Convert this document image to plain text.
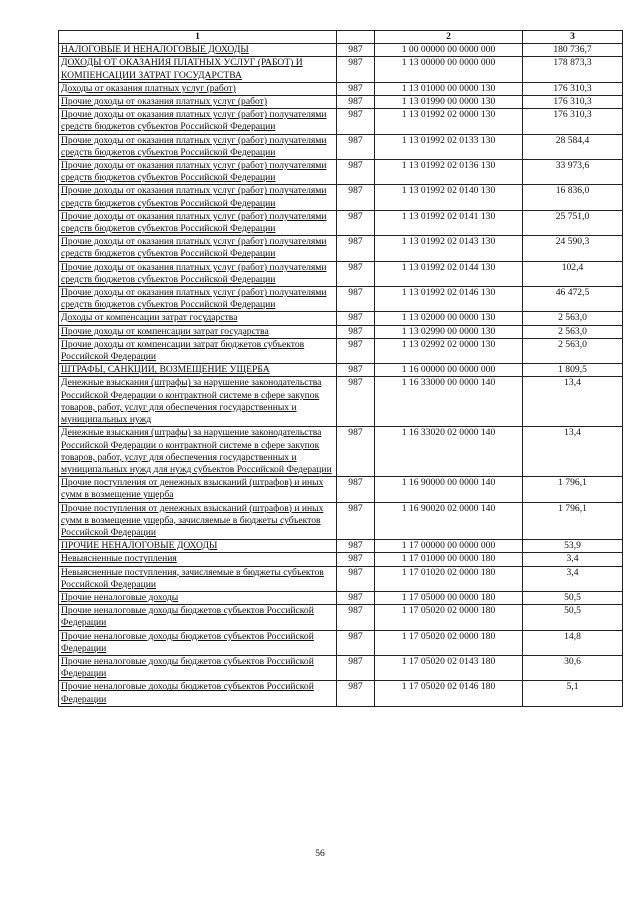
1		2	3
НАЛОГОВЫЕ И НЕНАЛОГОВЫЕ ДОХОДЫ	987	1 00 00000 00 0000 000	180 736,7
ДОХОДЫ ОТ ОКАЗАНИЯ ПЛАТНЫХ УСЛУГ (РАБОТ) И КОМПЕНСАЦИИ ЗАТРАТ ГОСУДАРСТВА	987	1 13 00000 00 0000 000	178 873,3
Доходы от оказания платных услуг (работ)	987	1 13 01000 00 0000 130	176 310,3
Прочие доходы от оказания платных услуг (работ)	987	1 13 01990 00 0000 130	176 310,3
Прочие доходы от оказания платных услуг (работ) получателями средств бюджетов субъектов Российской Федерации	987	1 13 01992 02 0000 130	176 310,3
Прочие доходы от оказания платных услуг (работ) получателями средств бюджетов субъектов Российской Федерации	987	1 13 01992 02 0133 130	28 584,4
Прочие доходы от оказания платных услуг (работ) получателями средств бюджетов субъектов Российской Федерации	987	1 13 01992 02 0136 130	33 973,6
Прочие доходы от оказания платных услуг (работ) получателями средств бюджетов субъектов Российской Федерации	987	1 13 01992 02 0140 130	16 836,0
Прочие доходы от оказания платных услуг (работ) получателями средств бюджетов субъектов Российской Федерации	987	1 13 01992 02 0141 130	25 751,0
Прочие доходы от оказания платных услуг (работ) получателями средств бюджетов субъектов Российской Федерации	987	1 13 01992 02 0143 130	24 590,3
Прочие доходы от оказания платных услуг (работ) получателями средств бюджетов субъектов Российской Федерации	987	1 13 01992 02 0144 130	102,4
Прочие доходы от оказания платных услуг (работ) получателями средств бюджетов субъектов Российской Федерации	987	1 13 01992 02 0146 130	46 472,5
Доходы от компенсации затрат государства	987	1 13 02000 00 0000 130	2 563,0
Прочие доходы от компенсации затрат государства	987	1 13 02990 00 0000 130	2 563,0
Прочие доходы от компенсации затрат бюджетов субъектов Российской Федерации	987	1 13 02992 02 0000 130	2 563,0
ШТРАФЫ, САНКЦИИ, ВОЗМЕЩЕНИЕ УЩЕРБА	987	1 16 00000 00 0000 000	1 809,5
Денежные взыскания (штрафы) за нарушение законодательства Российской Федерации о контрактной системе в сфере закупок товаров, работ, услуг для обеспечения государственных и муниципальных нужд	987	1 16 33000 00 0000 140	13,4
Денежные взыскания (штрафы) за нарушение законодательства Российской Федерации о контрактной системе в сфере закупок товаров, работ, услуг для обеспечения государственных и муниципальных нужд для нужд субъектов Российской Федерации	987	1 16 33020 02 0000 140	13,4
Прочие поступления от денежных взысканий (штрафов) и иных сумм в возмещение ущерба	987	1 16 90000 00 0000 140	1 796,1
Прочие поступления от денежных взысканий (штрафов) и иных сумм в возмещение ущерба, зачисляемые в бюджеты субъектов Российской Федерации	987	1 16 90020 02 0000 140	1 796,1
ПРОЧИЕ НЕНАЛОГОВЫЕ ДОХОДЫ	987	1 17 00000 00 0000 000	53,9
Невыясненные поступления	987	1 17 01000 00 0000 180	3,4
Невыясненные поступления, зачисляемые в бюджеты субъектов Российской Федерации	987	1 17 01020 02 0000 180	3,4
Прочие неналоговые доходы	987	1 17 05000 00 0000 180	50,5
Прочие неналоговые доходы бюджетов субъектов Российской Федерации	987	1 17 05020 02 0000 180	50,5
Прочие неналоговые доходы бюджетов субъектов Российской Федерации	987	1 17 05020 02 0000 180	14,8
Прочие неналоговые доходы бюджетов субъектов Российской Федерации	987	1 17 05020 02 0143 180	30,6
Прочие неналоговые доходы бюджетов субъектов Российской Федерации	987	1 17 05020 02 0146 180	5,1
56
